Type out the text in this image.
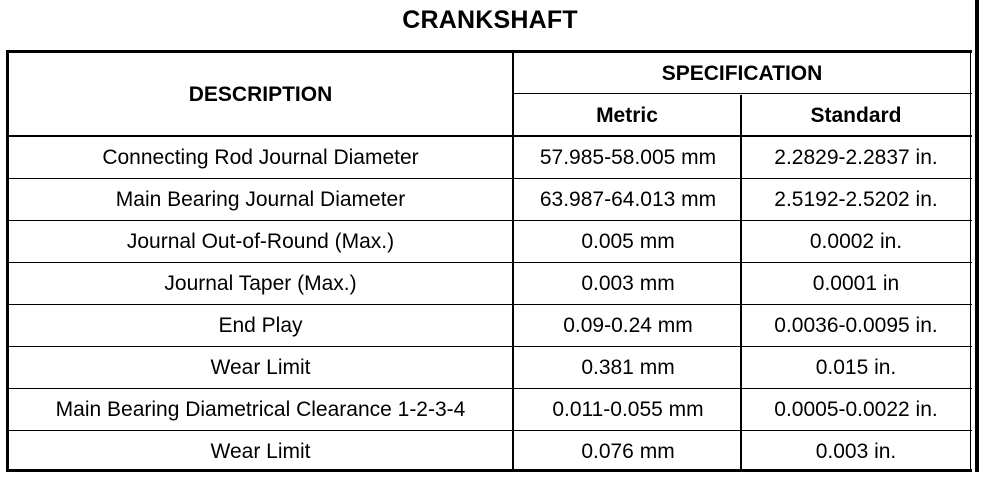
CRANKSHAFT
DESCRIPTION
SPECIFICATION
Metric	Standard
Connecting Rod Journal Diameter	57.985-58.005 mm	2.2829-2.2837 in.
Main Bearing Journal Diameter	63.987-64.013 mm	2.5192-2.5202 in.
Journal Out-of-Round (Max.)	0.005 mm	0.0002 in.
Journal Taper (Max.)	0.003 mm	0.0001 in
End Play	0.09-0.24 mm	0.0036-0.0095 in.
Wear Limit	0.381 mm	0.015 in.
Main Bearing Diametrical Clearance 1-2-3-4	0.011-0.055 mm	0.0005-0.0022 in.
Wear Limit	0.076 mm	0.003 in.
